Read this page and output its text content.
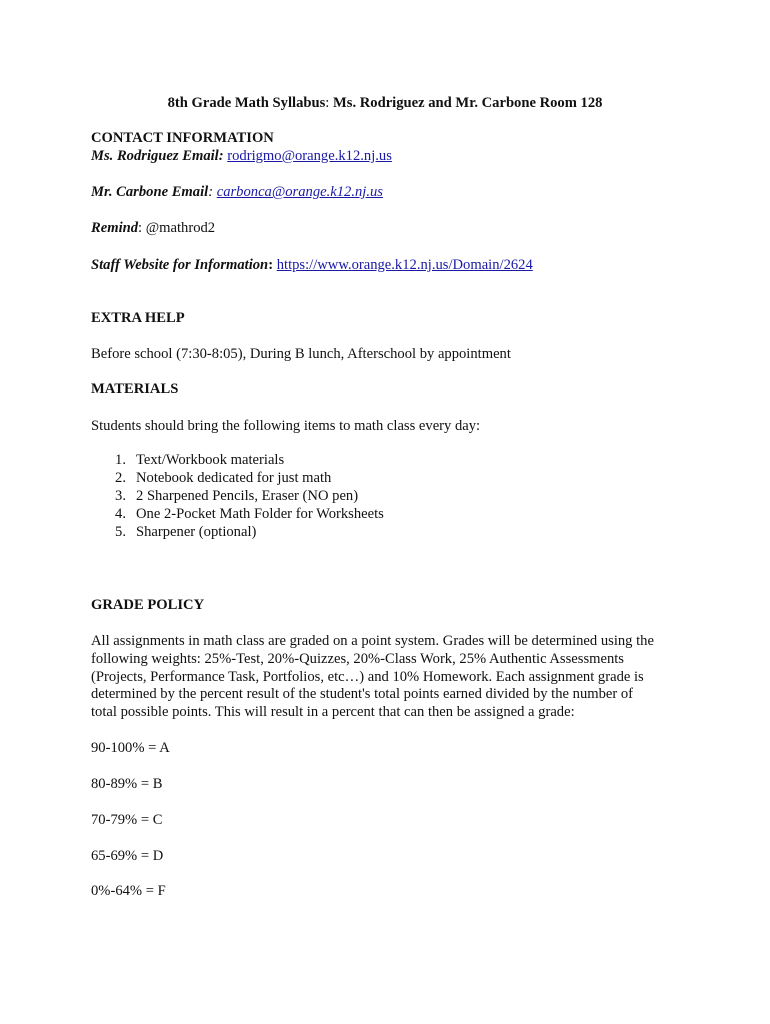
8th Grade Math Syllabus: Ms. Rodriguez and Mr. Carbone Room 128
CONTACT INFORMATION
Ms. Rodriguez Email: rodrigmo@orange.k12.nj.us
Mr. Carbone Email: carbonca@orange.k12.nj.us
Remind: @mathrod2
Staff Website for Information: https://www.orange.k12.nj.us/Domain/2624
EXTRA HELP
Before school (7:30-8:05), During B lunch, Afterschool by appointment
MATERIALS
Students should bring the following items to math class every day:
1. Text/Workbook materials
2. Notebook dedicated for just math
3. 2 Sharpened Pencils, Eraser (NO pen)
4. One 2-Pocket Math Folder for Worksheets
5. Sharpener (optional)
GRADE POLICY
All assignments in math class are graded on a point system. Grades will be determined using the
following weights: 25%-Test, 20%-Quizzes, 20%-Class Work, 25% Authentic Assessments
(Projects, Performance Task, Portfolios, etc…) and 10% Homework. Each assignment grade is
determined by the percent result of the student's total points earned divided by the number of
total possible points. This will result in a percent that can then be assigned a grade:
90-100% = A
80-89% = B
70-79% = C
65-69% = D
0%-64% = F
